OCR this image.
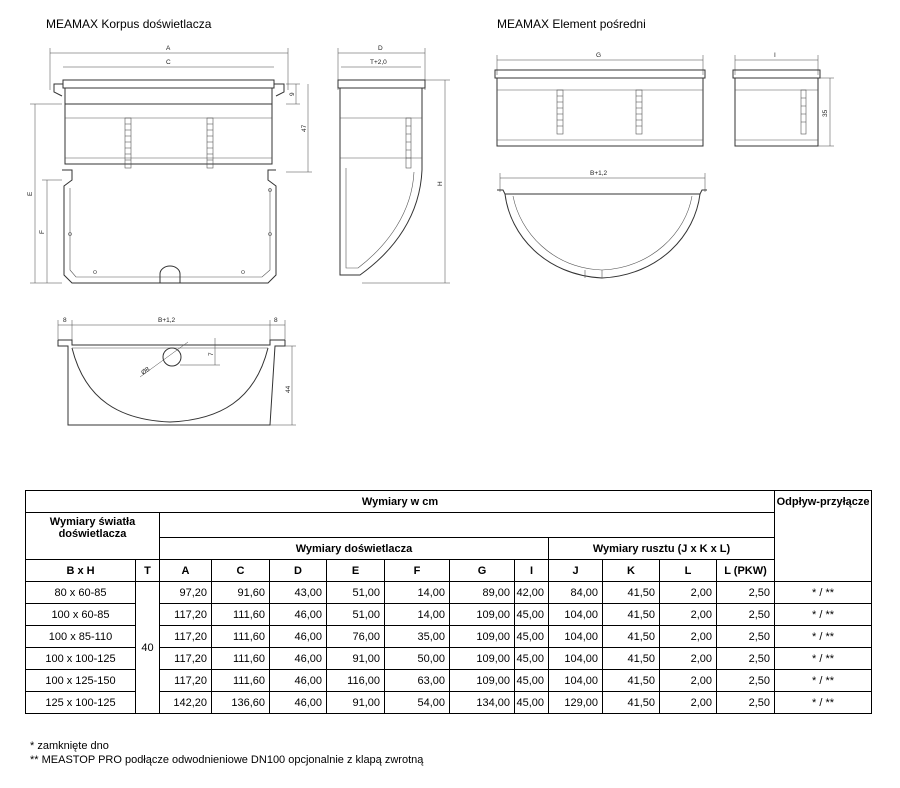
MEAMAX Korpus doświetlacza	MEAMAX Element pośredni
A
C
E
F
9
47
D
T+2,0
H
G	I
35
B+1,2
8	B+1,2	8
Ø8
7
44
Wymiary w cm													Odpływ-przyłącze
Wymiary światła doświetlacza													
		Wymiary doświetlacza							Wymiary rusztu (J x K x L)				
B x H	T	A	C	D	E	F	G	I	J	K	L	L (PKW)	
80 x 60-85	40	97,20	91,60	43,00	51,00	14,00	89,00	42,00	84,00	41,50	2,00	2,50	* / **
100 x 60-85		117,20	111,60	46,00	51,00	14,00	109,00	45,00	104,00	41,50	2,00	2,50	* / **
100 x 85-110		117,20	111,60	46,00	76,00	35,00	109,00	45,00	104,00	41,50	2,00	2,50	* / **
100 x 100-125		117,20	111,60	46,00	91,00	50,00	109,00	45,00	104,00	41,50	2,00	2,50	* / **
100 x 125-150		117,20	111,60	46,00	116,00	63,00	109,00	45,00	104,00	41,50	2,00	2,50	* / **
125 x 100-125		142,20	136,60	46,00	91,00	54,00	134,00	45,00	129,00	41,50	2,00	2,50	* / **
* zamknięte dno
** MEASTOP PRO podłącze odwodnieniowe DN100 opcjonalnie z klapą zwrotną
